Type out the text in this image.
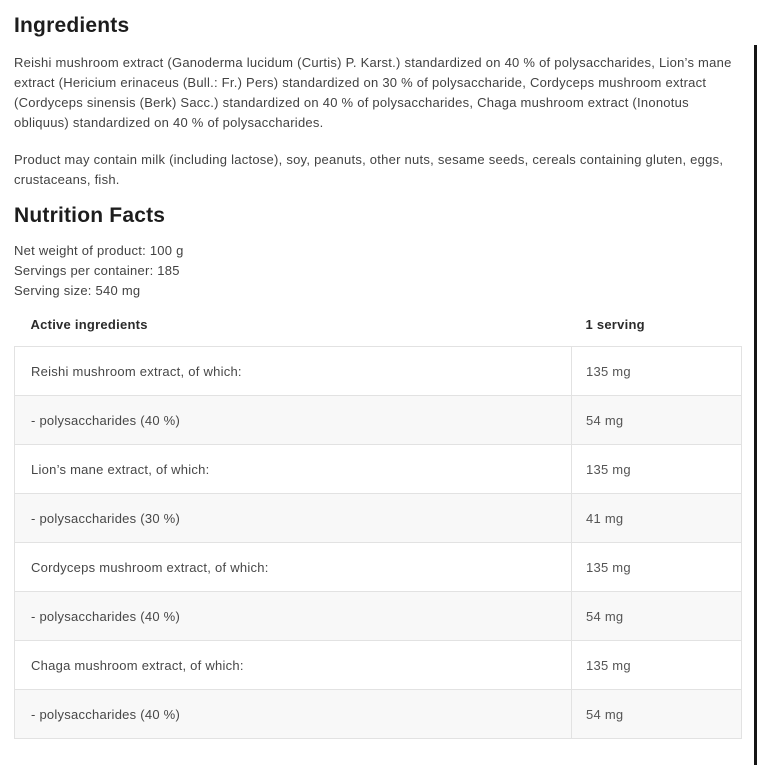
Ingredients

Reishi mushroom extract (Ganoderma lucidum (Curtis) P. Karst.) standardized on 40 % of polysaccharides, Lion’s mane extract (Hericium erinaceus (Bull.: Fr.) Pers) standardized on 30 % of polysaccharide, Cordyceps mushroom extract (Cordyceps sinensis (Berk) Sacc.) standardized on 40 % of polysaccharides, Chaga mushroom extract (Inonotus obliquus) standardized on 40 % of polysaccharides.

Product may contain milk (including lactose), soy, peanuts, other nuts, sesame seeds, cereals containing gluten, eggs, crustaceans, fish.

Nutrition Facts
Net weight of product: 100 g
Servings per container: 185
Serving size: 540 mg
Active ingredients	1 serving
Reishi mushroom extract, of which:	135 mg
- polysaccharides (40 %)	54 mg
Lion’s mane extract, of which:	135 mg
- polysaccharides (30 %)	41 mg
Cordyceps mushroom extract, of which:	135 mg
- polysaccharides (40 %)	54 mg
Chaga mushroom extract, of which:	135 mg
- polysaccharides (40 %)	54 mg
